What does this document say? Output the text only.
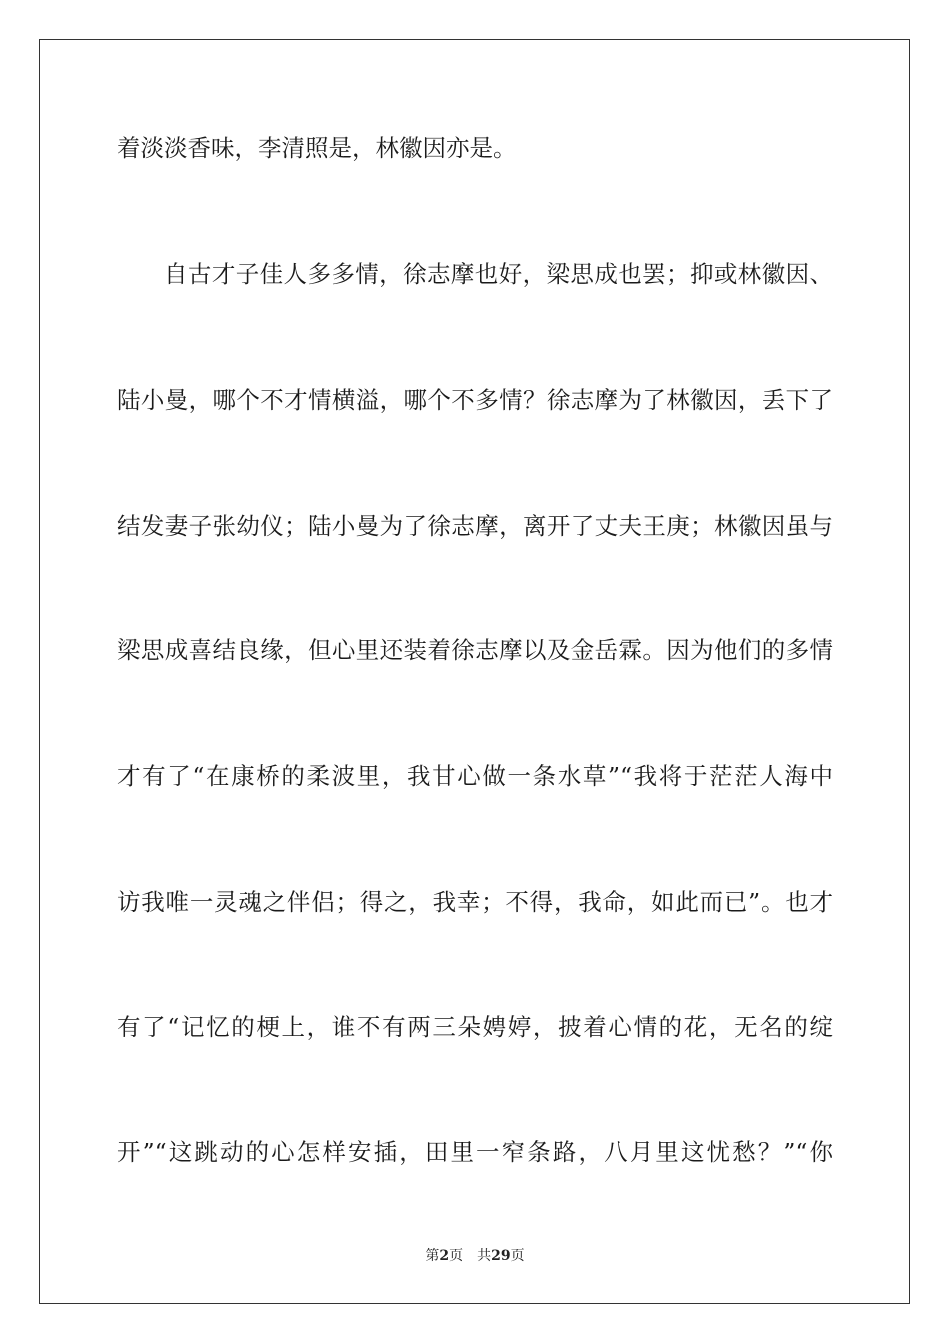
着淡淡香味，李清照是，林徽因亦是。
自古才子佳人多多情，徐志摩也好，梁思成也罢；抑或林徽因、
陆小曼，哪个不才情横溢，哪个不多情？徐志摩为了林徽因，丢下了
结发妻子张幼仪；陆小曼为了徐志摩，离开了丈夫王庚；林徽因虽与
梁思成喜结良缘，但心里还装着徐志摩以及金岳霖。因为他们的多情
才有了“在康桥的柔波里，我甘心做一条水草”“我将于茫茫人海中
访我唯一灵魂之伴侣；得之，我幸；不得，我命，如此而已”。也才
有了“记忆的梗上，谁不有两三朵娉婷，披着心情的花，无名的绽
开”“这跳动的心怎样安插，田里一窄条路，八月里这忧愁？”“你
第2页 共29页
